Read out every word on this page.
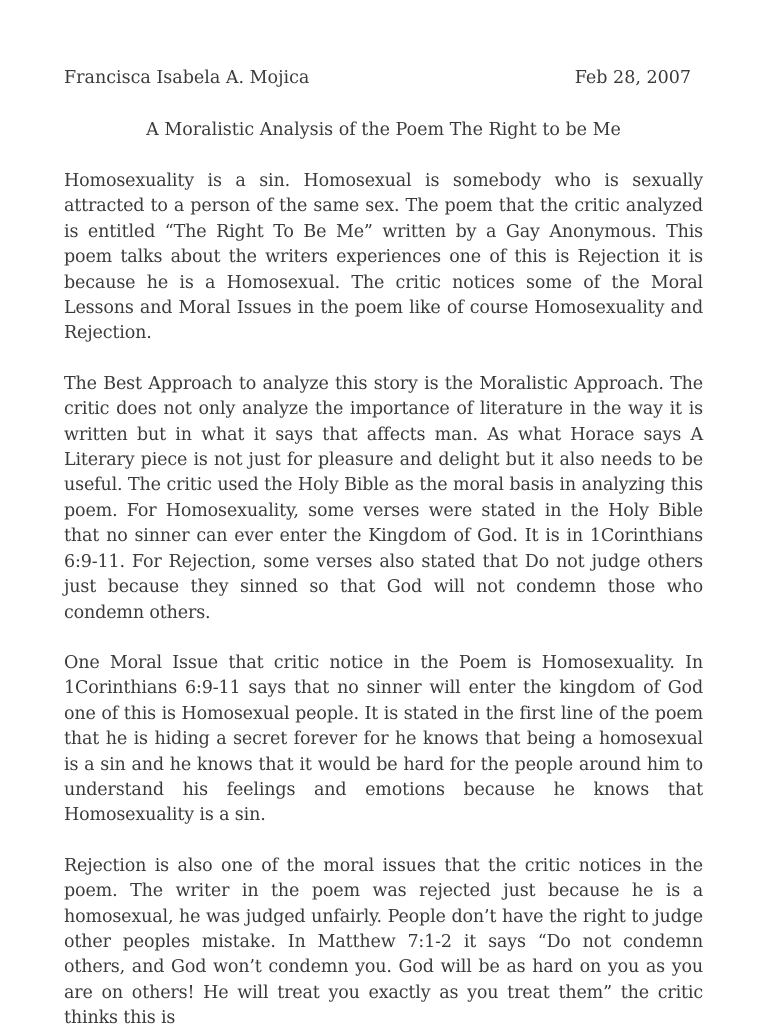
Francisca Isabela A. Mojica	Feb 28, 2007
A Moralistic Analysis of the Poem The Right to be Me

Homosexuality is a sin. Homosexual is somebody who is sexually attracted to a person of the same sex. The poem that the critic analyzed is entitled “The Right To Be Me” written by a Gay Anonymous. This poem talks about the writers experiences one of this is Rejection it is because he is a Homosexual. The critic notices some of the Moral Lessons and Moral Issues in the poem like of course Homosexuality and Rejection.

The Best Approach to analyze this story is the Moralistic Approach. The critic does not only analyze the importance of literature in the way it is written but in what it says that affects man. As what Horace says A Literary piece is not just for pleasure and delight but it also needs to be useful. The critic used the Holy Bible as the moral basis in analyzing this poem. For Homosexuality, some verses were stated in the Holy Bible that no sinner can ever enter the Kingdom of God. It is in 1Corinthians 6:9-11. For Rejection, some verses also stated that Do not judge others just because they sinned so that God will not condemn those who condemn others.

One Moral Issue that critic notice in the Poem is Homosexuality. In 1Corinthians 6:9-11 says that no sinner will enter the kingdom of God one of this is Homosexual people. It is stated in the first line of the poem that he is hiding a secret forever for he knows that being a homosexual is a sin and he knows that it would be hard for the people around him to understand his feelings and emotions because he knows that Homosexuality is a sin.

Rejection is also one of the moral issues that the critic notices in the poem. The writer in the poem was rejected just because he is a homosexual, he was judged unfairly. People don’t have the right to judge other peoples mistake. In Matthew 7:1-2 it says “Do not condemn others, and God won’t condemn you. God will be as hard on you as you are on others! He will treat you exactly as you treat them” the critic thinks this is
